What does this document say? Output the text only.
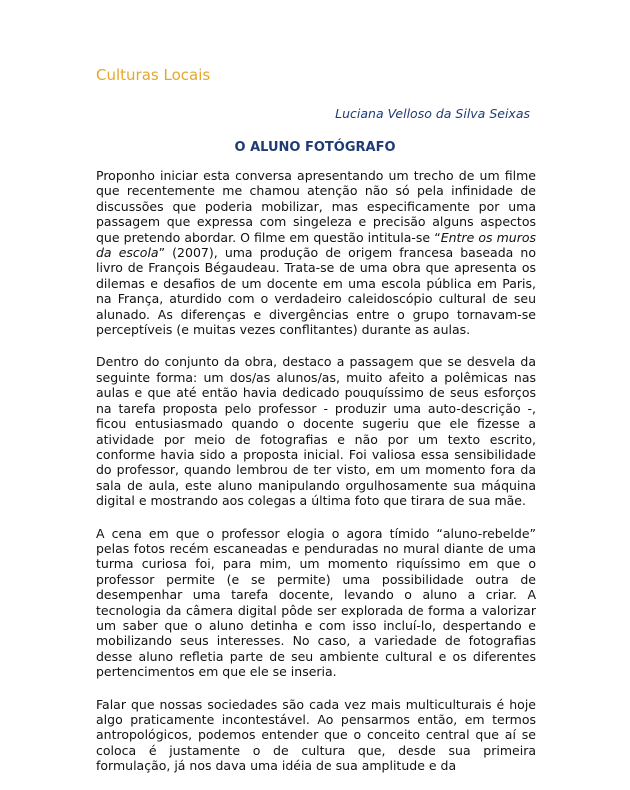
Culturas Locais

Luciana Velloso da Silva Seixas

O ALUNO FOTÓGRAFO

Proponho iniciar esta conversa apresentando um trecho de um filme que recentemente me chamou atenção não só pela infinidade de discussões que poderia mobilizar, mas especificamente por uma passagem que expressa com singeleza e precisão alguns aspectos que pretendo abordar. O filme em questão intitula-se “Entre os muros da escola” (2007), uma produção de origem francesa baseada no livro de François Bégaudeau. Trata-se de uma obra que apresenta os dilemas e desafios de um docente em uma escola pública em Paris, na França, aturdido com o verdadeiro caleidoscópio cultural de seu alunado. As diferenças e divergências entre o grupo tornavam-se perceptíveis (e muitas vezes conflitantes) durante as aulas.

Dentro do conjunto da obra, destaco a passagem que se desvela da seguinte forma: um dos/as alunos/as, muito afeito a polêmicas nas aulas e que até então havia dedicado pouquíssimo de seus esforços na tarefa proposta pelo professor - produzir uma auto-descrição -, ficou entusiasmado quando o docente sugeriu que ele fizesse a atividade por meio de fotografias e não por um texto escrito, conforme havia sido a proposta inicial. Foi valiosa essa sensibilidade do professor, quando lembrou de ter visto, em um momento fora da sala de aula, este aluno manipulando orgulhosamente sua máquina digital e mostrando aos colegas a última foto que tirara de sua mãe.

A cena em que o professor elogia o agora tímido “aluno-rebelde” pelas fotos recém escaneadas e penduradas no mural diante de uma turma curiosa foi, para mim, um momento riquíssimo em que o professor permite (e se permite) uma possibilidade outra de desempenhar uma tarefa docente, levando o aluno a criar. A tecnologia da câmera digital pôde ser explorada de forma a valorizar um saber que o aluno detinha e com isso incluí-lo, despertando e mobilizando seus interesses. No caso, a variedade de fotografias desse aluno refletia parte de seu ambiente cultural e os diferentes pertencimentos em que ele se inseria.

Falar que nossas sociedades são cada vez mais multiculturais é hoje algo praticamente incontestável. Ao pensarmos então, em termos antropológicos, podemos entender que o conceito central que aí se coloca é justamente o de cultura que, desde sua primeira formulação, já nos dava uma idéia de sua amplitude e da
